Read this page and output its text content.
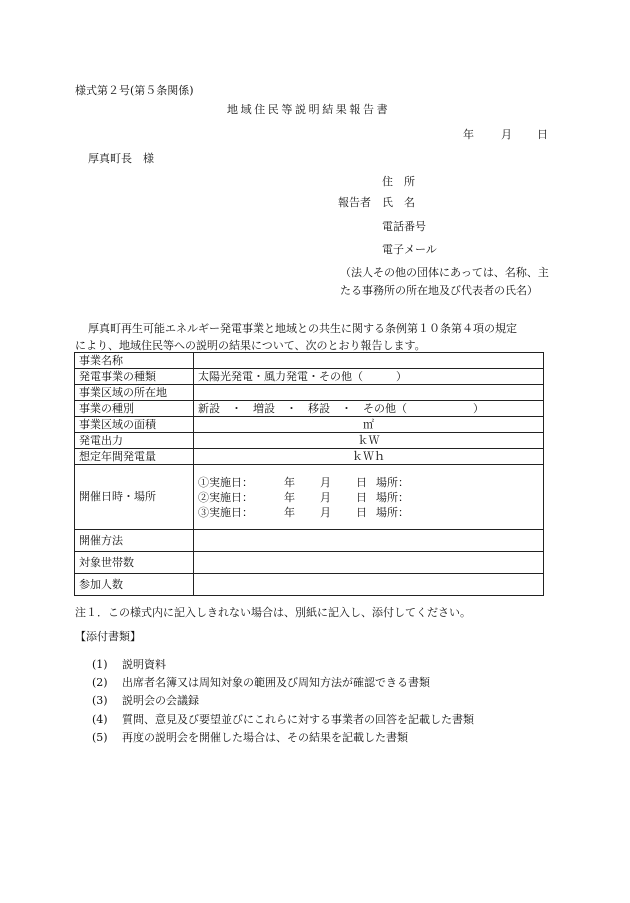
様式第２号(第５条関係)
地域住民等説明結果報告書
年 月 日
厚真町長　様
住　所
報告者 氏　名
電話番号
電子メール
（法人その他の団体にあっては、名称、主
たる事務所の所在地及び代表者の氏名）
厚真町再生可能エネルギー発電事業と地域との共生に関する条例第１０条第４項の規定
により、地域住民等への説明の結果について、次のとおり報告します。
事業名称	
発電事業の種類	太陽光発電・風力発電・その他（　　　）
事業区域の所在地	
事業の種別	新設　・　増設　・　移設　・　その他（　　　　　　）
事業区域の面積	㎡
発電出力	ｋＷ
想定年間発電量	ｋＷｈ
開催日時・場所	①実施日： 年 月 日 場所：
②実施日： 年 月 日 場所：
③実施日： 年 月 日 場所：

開催方法	
対象世帯数	
参加人数	
注１．この様式内に記入しきれない場合は、別紙に記入し、添付してください。
【添付書類】
(1) 説明資料
(2) 出席者名簿又は周知対象の範囲及び周知方法が確認できる書類
(3) 説明会の会議録
(4) 質問、意見及び要望並びにこれらに対する事業者の回答を記載した書類
(5) 再度の説明会を開催した場合は、その結果を記載した書類
